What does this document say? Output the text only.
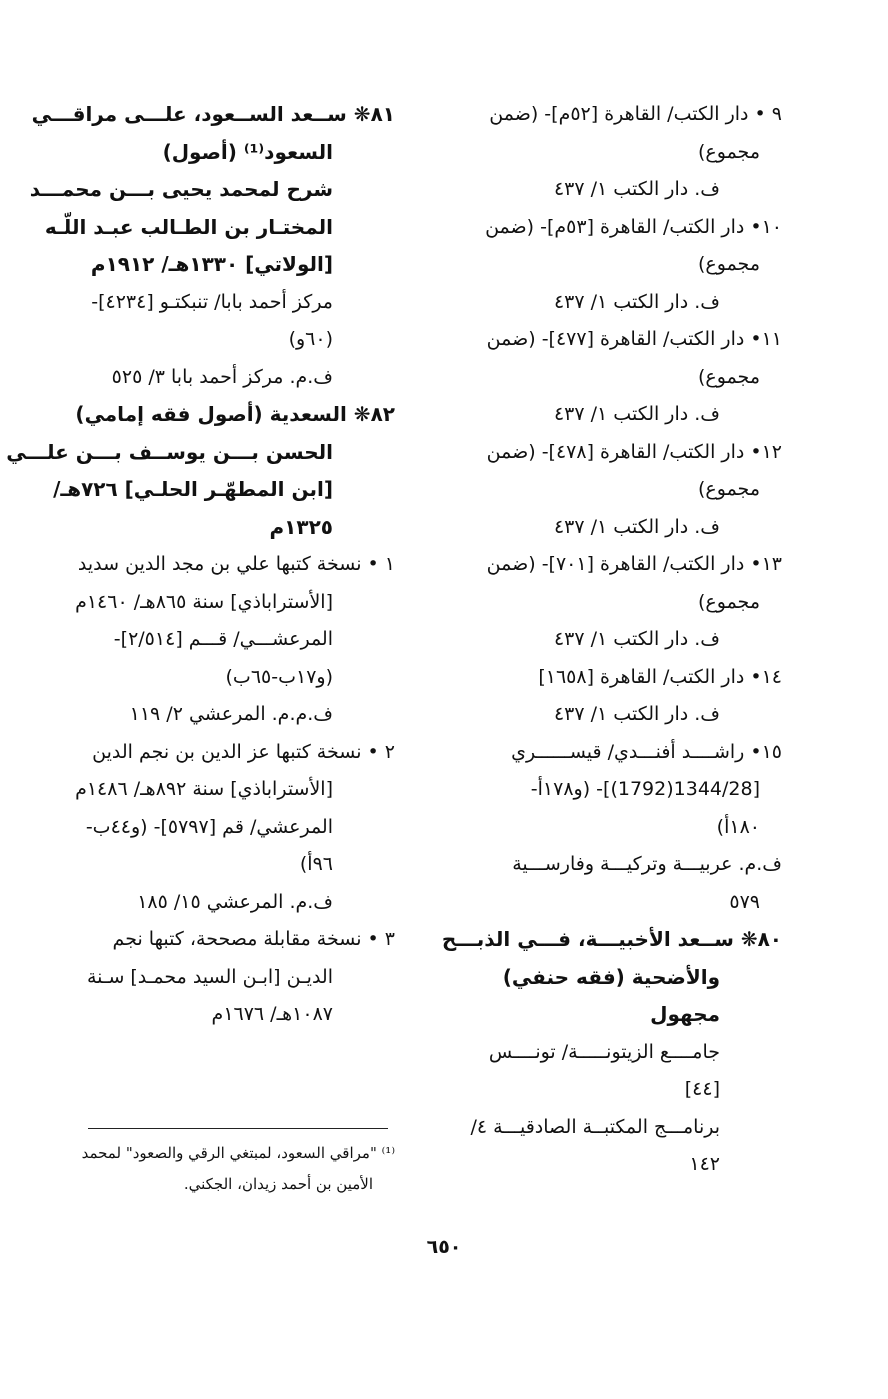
٩ • دار الكتب/ القاهرة [٥٢م]- (ضمن
مجموع)
ف. دار الكتب ١/ ٤٣٧
١٠• دار الكتب/ القاهرة [٥٣م]- (ضمن
مجموع)
ف. دار الكتب ١/ ٤٣٧
١١• دار الكتب/ القاهرة [٤٧٧]- (ضمن
مجموع)
ف. دار الكتب ١/ ٤٣٧
١٢• دار الكتب/ القاهرة [٤٧٨]- (ضمن
مجموع)
ف. دار الكتب ١/ ٤٣٧
١٣• دار الكتب/ القاهرة [٧٠١]- (ضمن
مجموع)
ف. دار الكتب ١/ ٤٣٧
١٤• دار الكتب/ القاهرة [١٦٥٨]
ف. دار الكتب ١/ ٤٣٧
١٥• راشــــد أفنـــدي/ قيســــــري
[1344/28(1792)]- (و١٧٨أ-
١٨٠أ)
ف.م. عربيـــة وتركيـــة وفارســـية
٥٧٩
٨٠❋ ســعد الأخبيـــة، فـــي الذبـــح
والأضحية (فقه حنفي)
مجهول
جامــــع الزيتونـــــة/ تونــــس
[٤٤]
برنامـــج المكتبــة الصادقيـــة ٤/
١٤٢
٨١❋ ســعد الســعود، علـــى مراقـــي
السعود⁽¹⁾ (أصول)
شرح لمحمد يحيى بـــن محمـــد
المختـار بن الطـالب عبـد اللّـه
[الولاتي] ١٣٣٠هـ/ ١٩١٢م
مركز أحمد بابا/ تنبكتـو [٤٢٣٤]-
(٦٠و)
ف.م. مركز أحمد بابا ٣/ ٥٢٥
٨٢❋ السعدية (أصول فقه إمامي)
الحسن بـــن يوســف بـــن علـــي
[ابن المطهّـر الحلـي] ٧٢٦هـ/
١٣٢٥م
١ • نسخة كتبها علي بن مجد الدين سديد
[الأستراباذي] سنة ٨٦٥هـ/ ١٤٦٠م
المرعشـــي/ قـــم [٢/٥١٤]-
(و١٧ب-٦٥ب)
ف.م.م. المرعشي ٢/ ١١٩
٢ • نسخة كتبها عز الدين بن نجم الدين
[الأستراباذي] سنة ٨٩٢هـ/ ١٤٨٦م
المرعشي/ قم [٥٧٩٧]- (و٤٤ب-
٩٦أ)
ف.م. المرعشي ١٥/ ١٨٥
٣ • نسخة مقابلة مصححة، كتبها نجم
الديـن [ابـن السيد محمـد] سـنة
١٠٨٧هـ/ ١٦٧٦م
⁽¹⁾ "مراقي السعود، لمبتغي الرقي والصعود" لمحمد
الأمين بن أحمد زيدان، الجكني.
٦٥٠
